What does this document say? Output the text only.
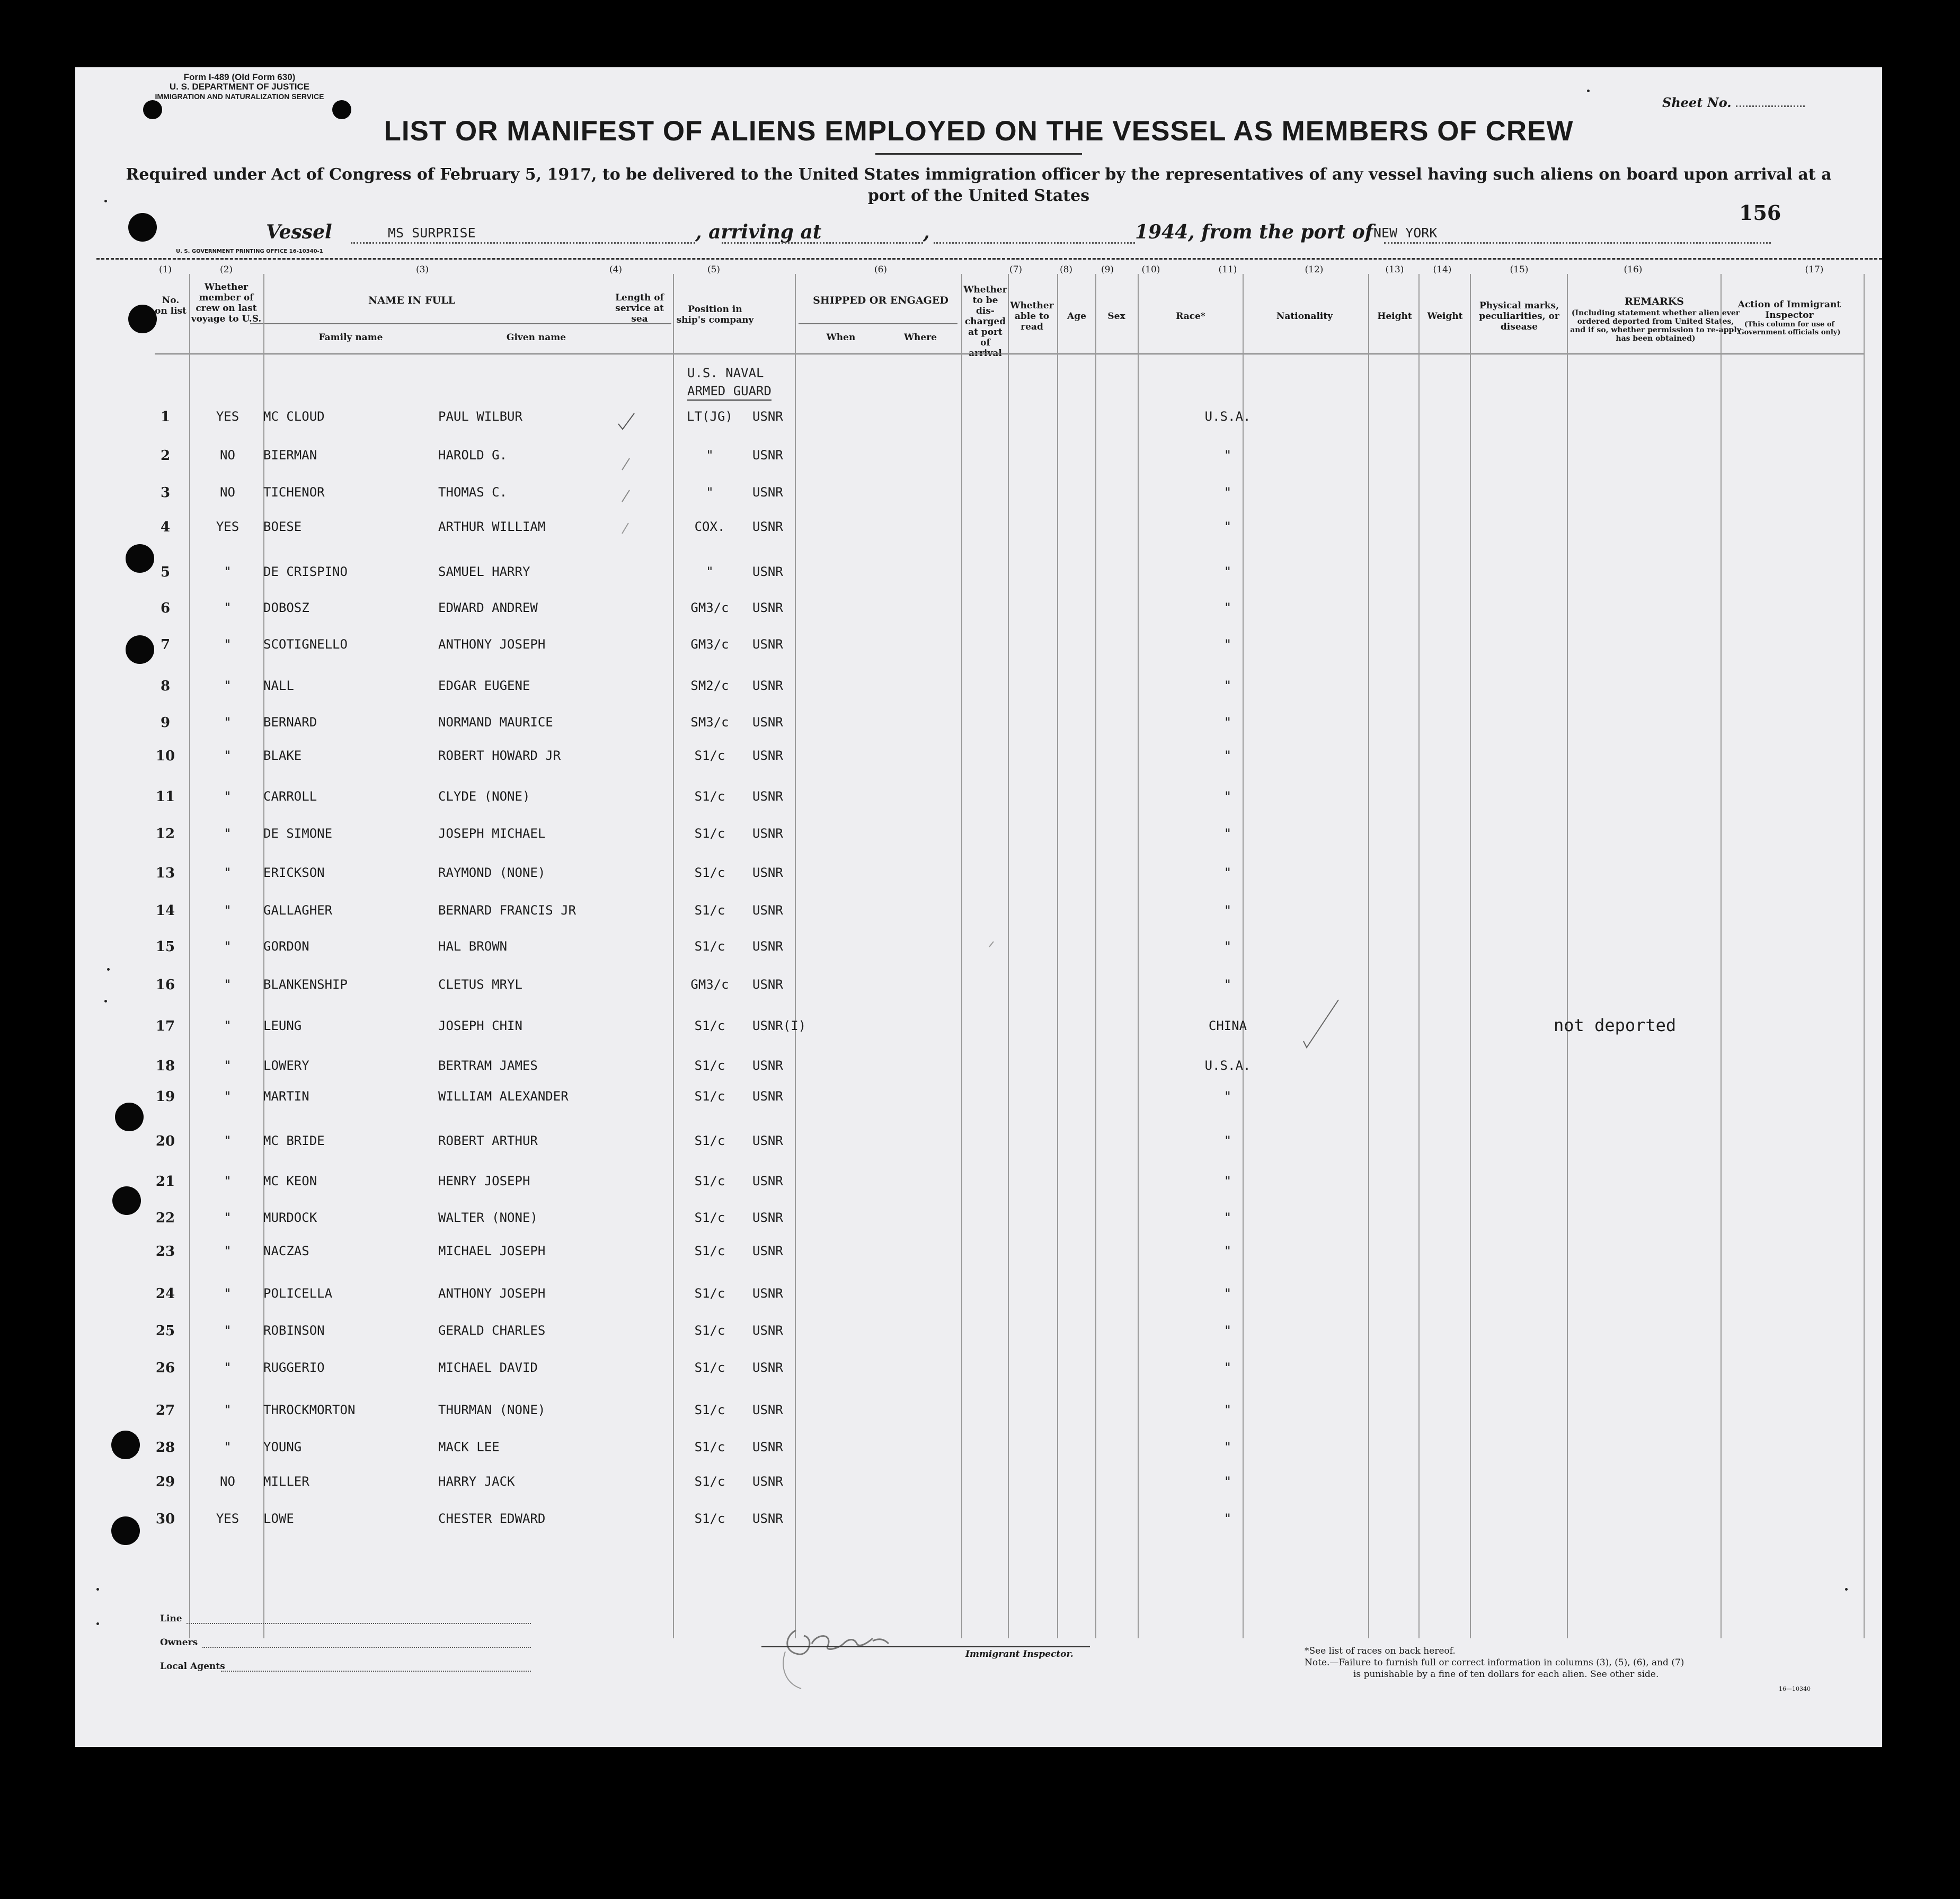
Form I-489 (Old Form 630)
U. S. DEPARTMENT OF JUSTICE
IMMIGRATION AND NATURALIZATION SERVICE	Sheet No.
LIST OR MANIFEST OF ALIENS EMPLOYED ON THE VESSEL AS MEMBERS OF CREW
Required under Act of Congress of February 5, 1917, to be delivered to the United States immigration officer by the representatives of any vessel having such aliens on board upon arrival at a
port of the United States
156
Vessel	MS SURPRISE	, arriving at	,	1944 , from the port of NEW YORK
U. S. GOVERNMENT PRINTING OFFICE 16-10340-1
(1)	(2)	(3)	(4)	(5)	(6)	(7)	(8)	(9)	(10)	(11)	(12)	(13)	(14)	(15)	(16)	(17)
No. on list
Whether member of crew on last voyage to U.S.
NAME IN FULL
Family name	Given name
Length of service at sea
Position in ship's company
SHIPPED OR ENGAGED
When	Where
Whether to be dis-charged at port of arrival
Whether able to read
Age	Sex	Race*	Nationality	Height	Weight
Physical marks, peculiarities, or disease
REMARKS
(Including statement whether alien ever ordered deported from United States, and if so, whether permission to re-apply has been obtained)
Action of Immigrant Inspector
(This column for use of Government officials only)
U.S. NAVAL
ARMED GUARD
1	YES	MC CLOUD	PAUL WILBUR	LT(JG)	USNR	U.S.A.
2	NO	BIERMAN	HAROLD G.	"	USNR	"
3	NO	TICHENOR	THOMAS C.	"	USNR	"
4	YES	BOESE	ARTHUR WILLIAM	COX.	USNR	"
5	"	DE CRISPINO	SAMUEL HARRY	"	USNR	"
6	"	DOBOSZ	EDWARD ANDREW	GM3/c	USNR	"
7	"	SCOTIGNELLO	ANTHONY JOSEPH	GM3/c	USNR	"
8	"	NALL	EDGAR EUGENE	SM2/c	USNR	"
9	"	BERNARD	NORMAND MAURICE	SM3/c	USNR	"
10	"	BLAKE	ROBERT HOWARD JR	S1/c	USNR	"
11	"	CARROLL	CLYDE (NONE)	S1/c	USNR	"
12	"	DE SIMONE	JOSEPH MICHAEL	S1/c	USNR	"
13	"	ERICKSON	RAYMOND (NONE)	S1/c	USNR	"
14	"	GALLAGHER	BERNARD FRANCIS JR	S1/c	USNR	"
15	"	GORDON	HAL BROWN	S1/c	USNR	"
16	"	BLANKENSHIP	CLETUS MRYL	GM3/c	USNR	"
17	"	LEUNG	JOSEPH CHIN	S1/c	USNR(I)	CHINA	not deported
18	"	LOWERY	BERTRAM JAMES	S1/c	USNR	U.S.A.
19	"	MARTIN	WILLIAM ALEXANDER	S1/c	USNR	"
20	"	MC BRIDE	ROBERT ARTHUR	S1/c	USNR	"
21	"	MC KEON	HENRY JOSEPH	S1/c	USNR	"
22	"	MURDOCK	WALTER (NONE)	S1/c	USNR	"
23	"	NACZAS	MICHAEL JOSEPH	S1/c	USNR	"
24	"	POLICELLA	ANTHONY JOSEPH	S1/c	USNR	"
25	"	ROBINSON	GERALD CHARLES	S1/c	USNR	"
26	"	RUGGERIO	MICHAEL DAVID	S1/c	USNR	"
27	"	THROCKMORTON	THURMAN (NONE)	S1/c	USNR	"
28	"	YOUNG	MACK LEE	S1/c	USNR	"
29	NO	MILLER	HARRY JACK	S1/c	USNR	"
30	YES	LOWE	CHESTER EDWARD	S1/c	USNR	"
Line
Owners
Local Agents
Immigrant Inspector.	*See list of races on back hereof.
Note.—Failure to furnish full or correct information in columns (3), (5), (6), and (7)
is punishable by a fine of ten dollars for each alien. See other side.
16—10340
